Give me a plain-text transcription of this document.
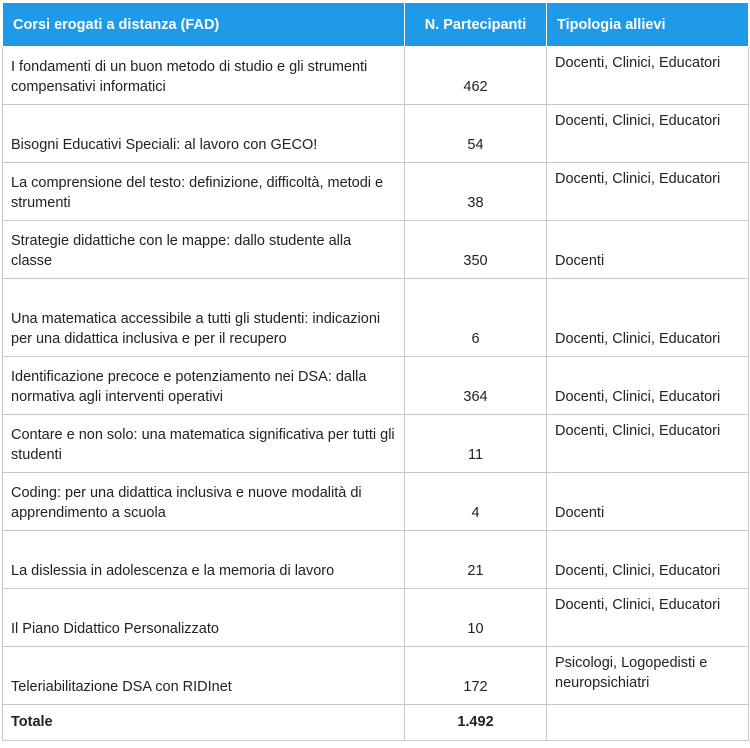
Corsi erogati a distanza (FAD)	N. Partecipanti	Tipologia allievi
I fondamenti di un buon metodo di studio e gli strumenti compensativi informatici	462	Docenti, Clinici, Educatori
Bisogni Educativi Speciali: al lavoro con GECO!	54	Docenti, Clinici, Educatori
La comprensione del testo: definizione, difficoltà, metodi e strumenti	38	Docenti, Clinici, Educatori
Strategie didattiche con le mappe: dallo studente alla classe	350	Docenti
Una matematica accessibile a tutti gli studenti: indicazioni per una didattica inclusiva e per il recupero	6	Docenti, Clinici, Educatori
Identificazione precoce e potenziamento nei DSA: dalla normativa agli interventi operativi	364	Docenti, Clinici, Educatori
Contare e non solo: una matematica significativa per tutti gli studenti	11	Docenti, Clinici, Educatori
Coding: per una didattica inclusiva e nuove modalità di apprendimento a scuola	4	Docenti
La dislessia in adolescenza e la memoria di lavoro	21	Docenti, Clinici, Educatori
Il Piano Didattico Personalizzato	10	Docenti, Clinici, Educatori
Teleriabilitazione DSA con RIDInet	172	Psicologi, Logopedisti e neuropsichiatri
Totale	1.492	
